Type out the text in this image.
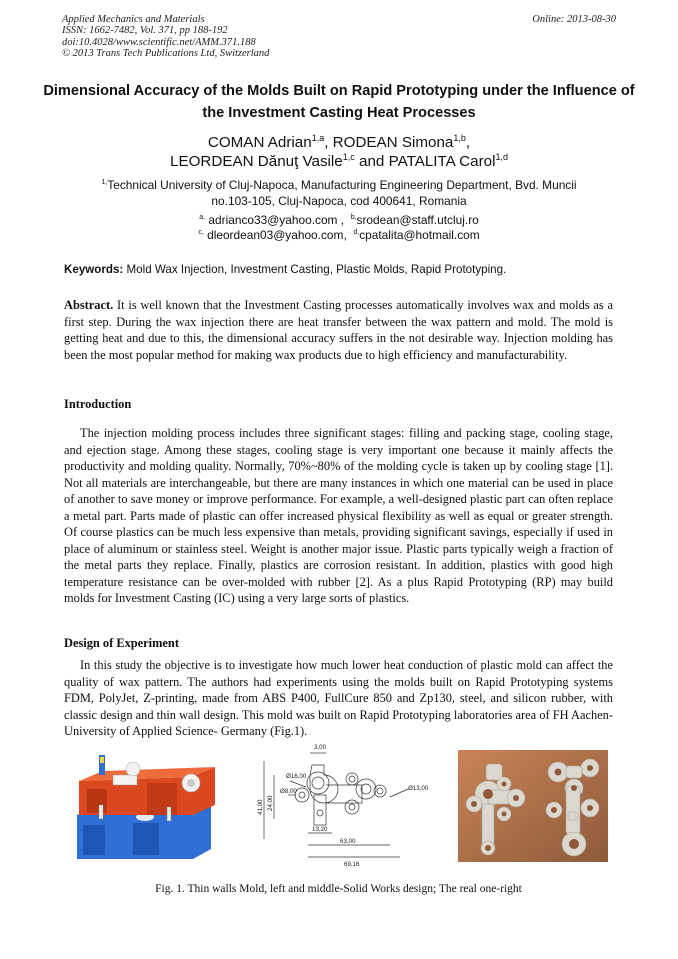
Applied Mechanics and Materials
ISSN: 1662-7482, Vol. 371, pp 188-192
doi:10.4028/www.scientific.net/AMM.371.188
© 2013 Trans Tech Publications Ltd, Switzerland
Online: 2013-08-30
Dimensional Accuracy of the Molds Built on Rapid Prototyping under the Influence of the Investment Casting Heat Processes
COMAN Adrian$^{1,a}$, RODEAN Simona$^{1,b}$,
LEORDEAN Dănuţ Vasile$^{1,c}$ and PATALITA Carol$^{1,d}$
$^{1,}$Technical University of Cluj-Napoca, Manufacturing Engineering Department, Bvd. Muncii
no.103-105, Cluj-Napoca, cod 400641, Romania
$^{a,}$ adrianco33@yahoo.com ,  $^{b,}$srodean@staff.utcluj.ro
$^{c,}$ dleordean03@yahoo.com,  $^{d,}$cpatalita@hotmail.com
Keywords: Mold Wax Injection, Investment Casting, Plastic Molds, Rapid Prototyping.
Abstract. It is well known that the Investment Casting processes automatically involves wax and molds as a first step. During the wax injection there are heat transfer between the wax pattern and mold. The mold is getting heat and due to this, the dimensional accuracy suffers in the not desirable way. Injection molding has been the most popular method for making wax products due to high efficiency and manufacturability.
Introduction
The injection molding process includes three significant stages: filling and packing stage, cooling stage, and ejection stage. Among these stages, cooling stage is very important one because it mainly affects the productivity and molding quality. Normally, 70%~80% of the molding cycle is taken up by cooling stage [1]. Not all materials are interchangeable, but there are many instances in which one material can be used in place of another to save money or improve performance. For example, a well-designed plastic part can often replace a metal part. Parts made of plastic can offer increased physical flexibility as well as equal or greater strength. Of course plastics can be much less expensive than metals, providing significant savings, especially if used in place of aluminum or stainless steel. Weight is another major issue. Plastic parts typically weigh a fraction of the metal parts they replace. Finally, plastics are corrosion resistant. In addition, plastics with good high temperature resistance can be over-molded with rubber [2]. As a plus Rapid Prototyping (RP) may build molds for Investment Casting (IC) using a very large sorts of plastics.
Design of Experiment
In this study the objective is to investigate how much lower heat conduction of plastic mold can affect the quality of wax pattern. The authors had experiments using the molds built on Rapid Prototyping systems FDM, PolyJet, Z-printing, made from ABS P400, FullCure 850 and Zp130, steel, and silicon rubber, with classic design and thin wall design. This mold was built on Rapid Prototyping laboratories area of FH Aachen- University of Applied Science- Germany (Fig.1).
3,00
41,00 24,00
Ø16,00
Ø8,00	Ø13,00
13,20
63,00
69,16
Fig. 1. Thin walls Mold, left and middle-Solid Works design; The real one-right
